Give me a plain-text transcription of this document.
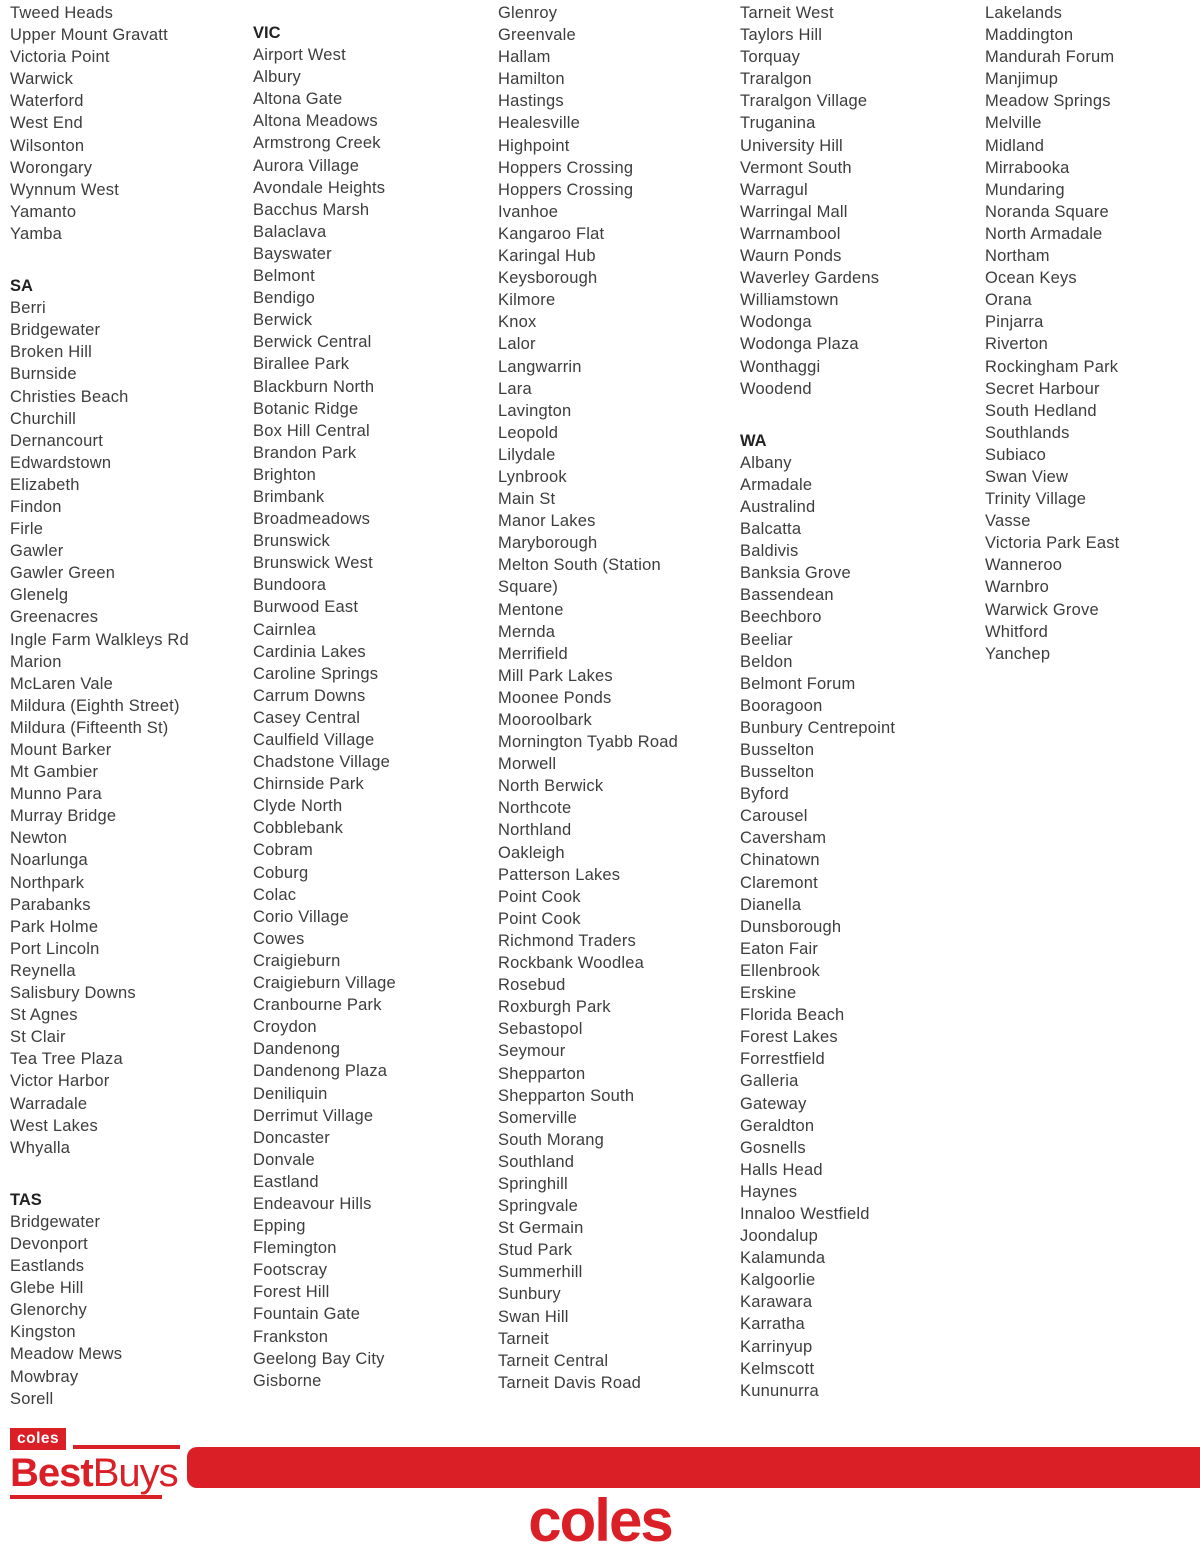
Tweed Heads
Upper Mount Gravatt
Victoria Point
Warwick
Waterford
West End
Wilsonton
Worongary
Wynnum West
Yamanto
Yamba
SA
Berri
Bridgewater
Broken Hill
Burnside
Christies Beach
Churchill
Dernancourt
Edwardstown
Elizabeth
Findon
Firle
Gawler
Gawler Green
Glenelg
Greenacres
Ingle Farm Walkleys Rd
Marion
McLaren Vale
Mildura (Eighth Street)
Mildura (Fifteenth St)
Mount Barker
Mt Gambier
Munno Para
Murray Bridge
Newton
Noarlunga
Northpark
Parabanks
Park Holme
Port Lincoln
Reynella
Salisbury Downs
St Agnes
St Clair
Tea Tree Plaza
Victor Harbor
Warradale
West Lakes
Whyalla
TAS
Bridgewater
Devonport
Eastlands
Glebe Hill
Glenorchy
Kingston
Meadow Mews
Mowbray
Sorell
VIC
Airport West
Albury
Altona Gate
Altona Meadows
Armstrong Creek
Aurora Village
Avondale Heights
Bacchus Marsh
Balaclava
Bayswater
Belmont
Bendigo
Berwick
Berwick Central
Birallee Park
Blackburn North
Botanic Ridge
Box Hill Central
Brandon Park
Brighton
Brimbank
Broadmeadows
Brunswick
Brunswick West
Bundoora
Burwood East
Cairnlea
Cardinia Lakes
Caroline Springs
Carrum Downs
Casey Central
Caulfield Village
Chadstone Village
Chirnside Park
Clyde North
Cobblebank
Cobram
Coburg
Colac
Corio Village
Cowes
Craigieburn
Craigieburn Village
Cranbourne Park
Croydon
Dandenong
Dandenong Plaza
Deniliquin
Derrimut Village
Doncaster
Donvale
Eastland
Endeavour Hills
Epping
Flemington
Footscray
Forest Hill
Fountain Gate
Frankston
Geelong Bay City
Gisborne
Glenroy
Greenvale
Hallam
Hamilton
Hastings
Healesville
Highpoint
Hoppers Crossing
Hoppers Crossing
Ivanhoe
Kangaroo Flat
Karingal Hub
Keysborough
Kilmore
Knox
Lalor
Langwarrin
Lara
Lavington
Leopold
Lilydale
Lynbrook
Main St
Manor Lakes
Maryborough
Melton South (Station Square)
Mentone
Mernda
Merrifield
Mill Park Lakes
Moonee Ponds
Mooroolbark
Mornington Tyabb Road
Morwell
North Berwick
Northcote
Northland
Oakleigh
Patterson Lakes
Point Cook
Point Cook
Richmond Traders
Rockbank Woodlea
Rosebud
Roxburgh Park
Sebastopol
Seymour
Shepparton
Shepparton South
Somerville
South Morang
Southland
Springhill
Springvale
St Germain
Stud Park
Summerhill
Sunbury
Swan Hill
Tarneit
Tarneit Central
Tarneit Davis Road
Tarneit West
Taylors Hill
Torquay
Traralgon
Traralgon Village
Truganina
University Hill
Vermont South
Warragul
Warringal Mall
Warrnambool
Waurn Ponds
Waverley Gardens
Williamstown
Wodonga
Wodonga Plaza
Wonthaggi
Woodend
WA
Albany
Armadale
Australind
Balcatta
Baldivis
Banksia Grove
Bassendean
Beechboro
Beeliar
Beldon
Belmont Forum
Booragoon
Bunbury Centrepoint
Busselton
Busselton
Byford
Carousel
Caversham
Chinatown
Claremont
Dianella
Dunsborough
Eaton Fair
Ellenbrook
Erskine
Florida Beach
Forest Lakes
Forrestfield
Galleria
Gateway
Geraldton
Gosnells
Halls Head
Haynes
Innaloo Westfield
Joondalup
Kalamunda
Kalgoorlie
Karawara
Karratha
Karrinyup
Kelmscott
Kununurra
Lakelands
Maddington
Mandurah Forum
Manjimup
Meadow Springs
Melville
Midland
Mirrabooka
Mundaring
Noranda Square
North Armadale
Northam
Ocean Keys
Orana
Pinjarra
Riverton
Rockingham Park
Secret Harbour
South Hedland
Southlands
Subiaco
Swan View
Trinity Village
Vasse
Victoria Park East
Wanneroo
Warnbro
Warwick Grove
Whitford
Yanchep
coles
BestBuys
coles
